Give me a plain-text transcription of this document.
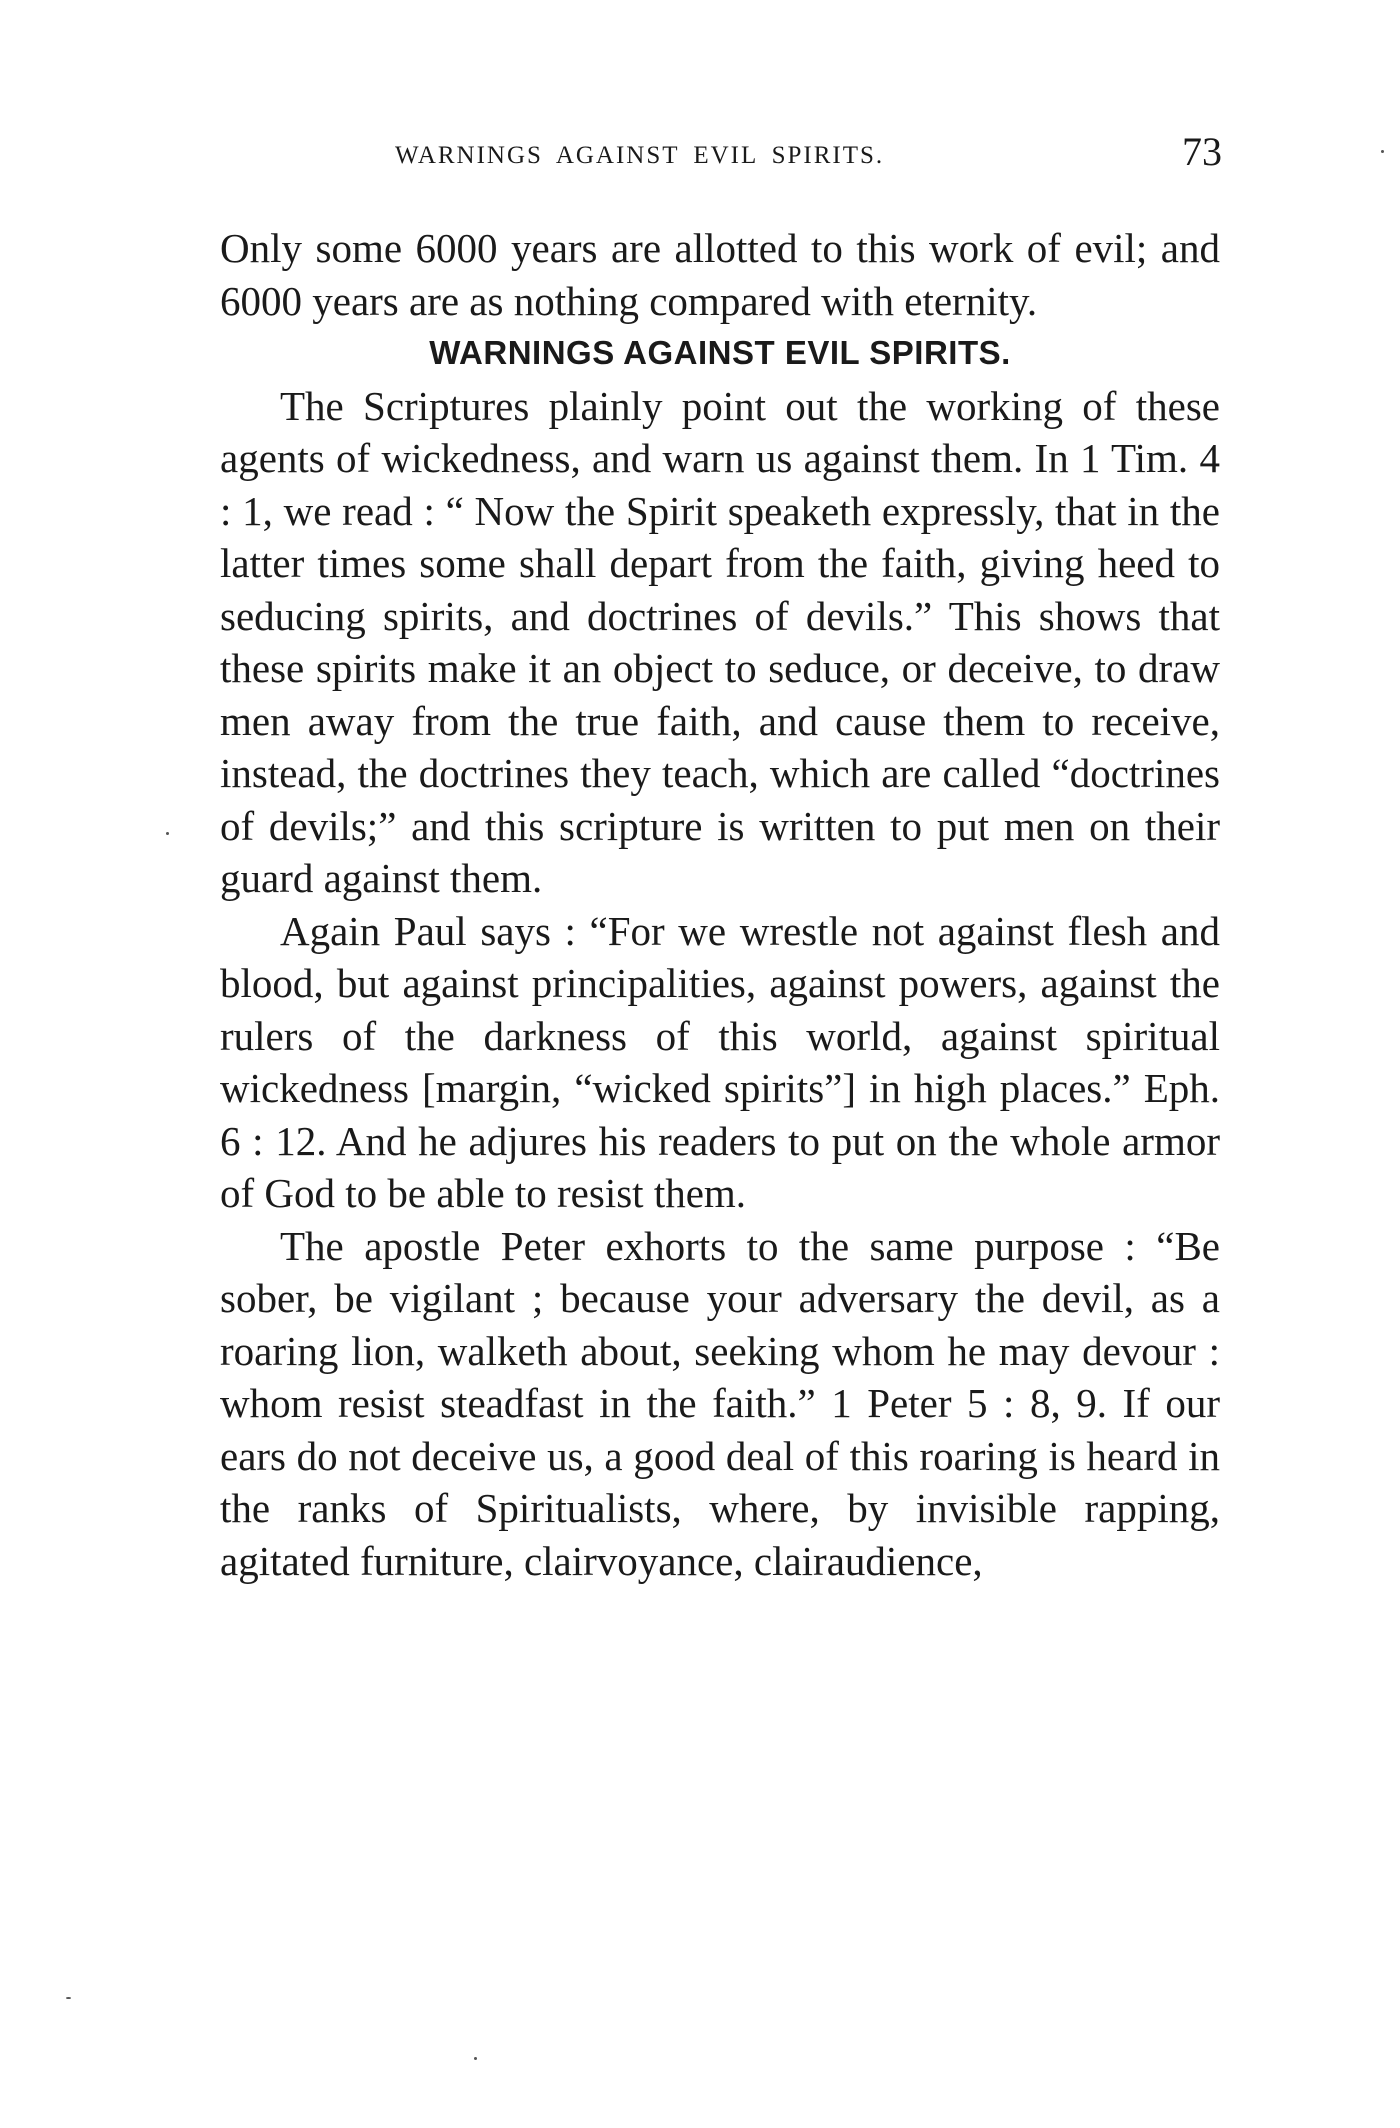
WARNINGS AGAINST EVIL SPIRITS.	73

Only some 6000 years are allotted to this work of evil; and 6000 years are as nothing compared with eternity.

WARNINGS AGAINST EVIL SPIRITS.

The Scriptures plainly point out the working of these agents of wickedness, and warn us against them. In 1 Tim. 4 : 1, we read : “ Now the Spirit speaketh expressly, that in the latter times some shall depart from the faith, giving heed to seducing spirits, and doctrines of devils.” This shows that these spirits make it an object to seduce, or deceive, to draw men away from the true faith, and cause them to receive, instead, the doctrines they teach, which are called “doctrines of devils;” and this scripture is written to put men on their guard against them.

Again Paul says : “For we wrestle not against flesh and blood, but against principalities, against powers, against the rulers of the darkness of this world, against spiritual wickedness [margin, “wicked spirits”] in high places.” Eph. 6 : 12. And he adjures his readers to put on the whole armor of God to be able to resist them.

The apostle Peter exhorts to the same purpose : “Be sober, be vigilant ; because your adversary the devil, as a roaring lion, walketh about, seeking whom he may devour : whom resist steadfast in the faith.” 1 Peter 5 : 8, 9. If our ears do not deceive us, a good deal of this roaring is heard in the ranks of Spiritualists, where, by invisible rapping, agitated furniture, clairvoyance, clairaudience,
